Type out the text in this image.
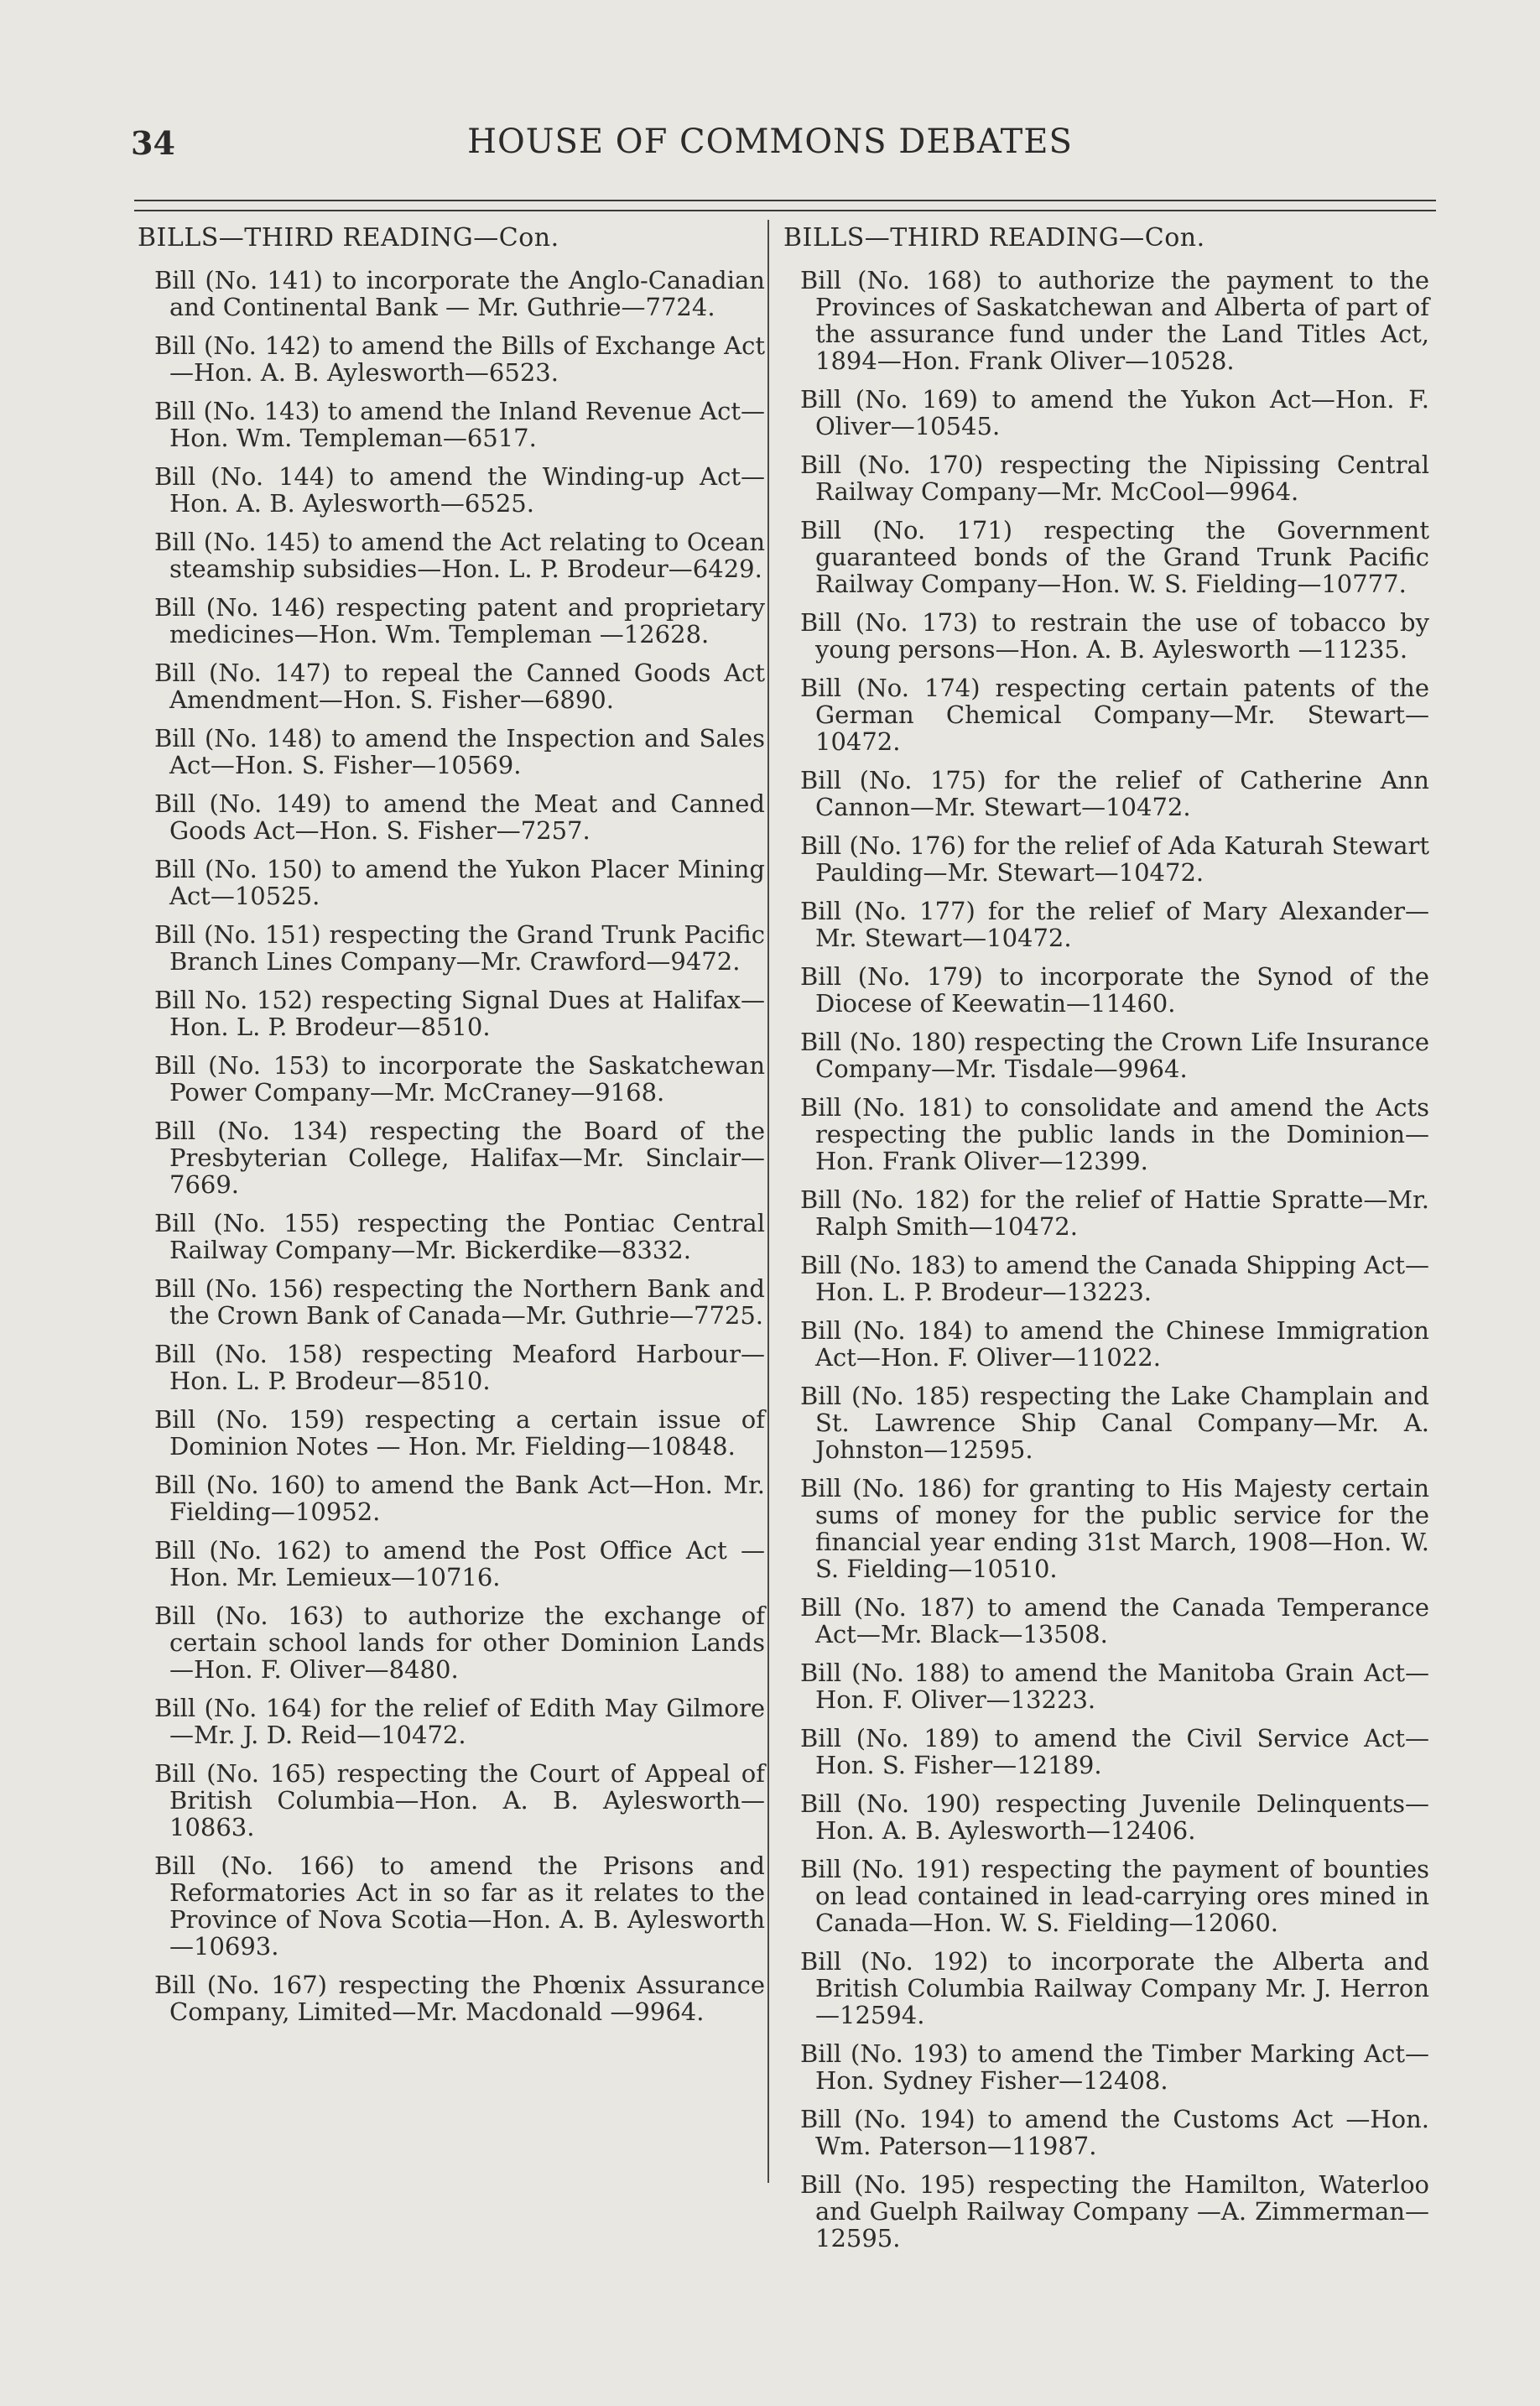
34	HOUSE OF COMMONS DEBATES
BILLS—THIRD READING—Con.

Bill (No. 141) to incorporate the Anglo-Canadian and Continental Bank — Mr. Guthrie—7724.

Bill (No. 142) to amend the Bills of Exchange Act—Hon. A. B. Aylesworth—6523.

Bill (No. 143) to amend the Inland Revenue Act—Hon. Wm. Templeman—6517.

Bill (No. 144) to amend the Winding-up Act—Hon. A. B. Aylesworth—6525.

Bill (No. 145) to amend the Act relating to Ocean steamship subsidies—Hon. L. P. Brodeur—6429.

Bill (No. 146) respecting patent and proprietary medicines—Hon. Wm. Templeman —12628.

Bill (No. 147) to repeal the Canned Goods Act Amendment—Hon. S. Fisher—6890.

Bill (No. 148) to amend the Inspection and Sales Act—Hon. S. Fisher—10569.

Bill (No. 149) to amend the Meat and Canned Goods Act—Hon. S. Fisher—7257.

Bill (No. 150) to amend the Yukon Placer Mining Act—10525.

Bill (No. 151) respecting the Grand Trunk Pacific Branch Lines Company—Mr. Crawford—9472.

Bill No. 152) respecting Signal Dues at Halifax—Hon. L. P. Brodeur—8510.

Bill (No. 153) to incorporate the Saskatchewan Power Company—Mr. McCraney—9168.

Bill (No. 134) respecting the Board of the Presbyterian College, Halifax—Mr. Sinclair—7669.

Bill (No. 155) respecting the Pontiac Central Railway Company—Mr. Bickerdike—8332.

Bill (No. 156) respecting the Northern Bank and the Crown Bank of Canada—Mr. Guthrie—7725.

Bill (No. 158) respecting Meaford Harbour—Hon. L. P. Brodeur—8510.

Bill (No. 159) respecting a certain issue of Dominion Notes — Hon. Mr. Fielding—10848.

Bill (No. 160) to amend the Bank Act—Hon. Mr. Fielding—10952.

Bill (No. 162) to amend the Post Office Act —Hon. Mr. Lemieux—10716.

Bill (No. 163) to authorize the exchange of certain school lands for other Dominion Lands—Hon. F. Oliver—8480.

Bill (No. 164) for the relief of Edith May Gilmore—Mr. J. D. Reid—10472.

Bill (No. 165) respecting the Court of Appeal of British Columbia—Hon. A. B. Aylesworth—10863.

Bill (No. 166) to amend the Prisons and Reformatories Act in so far as it relates to the Province of Nova Scotia—Hon. A. B. Aylesworth—10693.

Bill (No. 167) respecting the Phœnix Assurance Company, Limited—Mr. Macdonald —9964.

BILLS—THIRD READING—Con.

Bill (No. 168) to authorize the payment to the Provinces of Saskatchewan and Alberta of part of the assurance fund under the Land Titles Act, 1894—Hon. Frank Oliver—10528.

Bill (No. 169) to amend the Yukon Act—Hon. F. Oliver—10545.

Bill (No. 170) respecting the Nipissing Central Railway Company—Mr. McCool—9964.

Bill (No. 171) respecting the Government guaranteed bonds of the Grand Trunk Pacific Railway Company—Hon. W. S. Fielding—10777.

Bill (No. 173) to restrain the use of tobacco by young persons—Hon. A. B. Aylesworth —11235.

Bill (No. 174) respecting certain patents of the German Chemical Company—Mr. Stewart—10472.

Bill (No. 175) for the relief of Catherine Ann Cannon—Mr. Stewart—10472.

Bill (No. 176) for the relief of Ada Katurah Stewart Paulding—Mr. Stewart—10472.

Bill (No. 177) for the relief of Mary Alexander—Mr. Stewart—10472.

Bill (No. 179) to incorporate the Synod of the Diocese of Keewatin—11460.

Bill (No. 180) respecting the Crown Life Insurance Company—Mr. Tisdale—9964.

Bill (No. 181) to consolidate and amend the Acts respecting the public lands in the Dominion—Hon. Frank Oliver—12399.

Bill (No. 182) for the relief of Hattie Spratte—Mr. Ralph Smith—10472.

Bill (No. 183) to amend the Canada Shipping Act—Hon. L. P. Brodeur—13223.

Bill (No. 184) to amend the Chinese Immigration Act—Hon. F. Oliver—11022.

Bill (No. 185) respecting the Lake Champlain and St. Lawrence Ship Canal Company—Mr. A. Johnston—12595.

Bill (No. 186) for granting to His Majesty certain sums of money for the public service for the financial year ending 31st March, 1908—Hon. W. S. Fielding—10510.

Bill (No. 187) to amend the Canada Temperance Act—Mr. Black—13508.

Bill (No. 188) to amend the Manitoba Grain Act—Hon. F. Oliver—13223.

Bill (No. 189) to amend the Civil Service Act—Hon. S. Fisher—12189.

Bill (No. 190) respecting Juvenile Delinquents—Hon. A. B. Aylesworth—12406.

Bill (No. 191) respecting the payment of bounties on lead contained in lead-carrying ores mined in Canada—Hon. W. S. Fielding—12060.

Bill (No. 192) to incorporate the Alberta and British Columbia Railway Company Mr. J. Herron—12594.

Bill (No. 193) to amend the Timber Marking Act—Hon. Sydney Fisher—12408.

Bill (No. 194) to amend the Customs Act —Hon. Wm. Paterson—11987.

Bill (No. 195) respecting the Hamilton, Waterloo and Guelph Railway Company —A. Zimmerman—12595.
